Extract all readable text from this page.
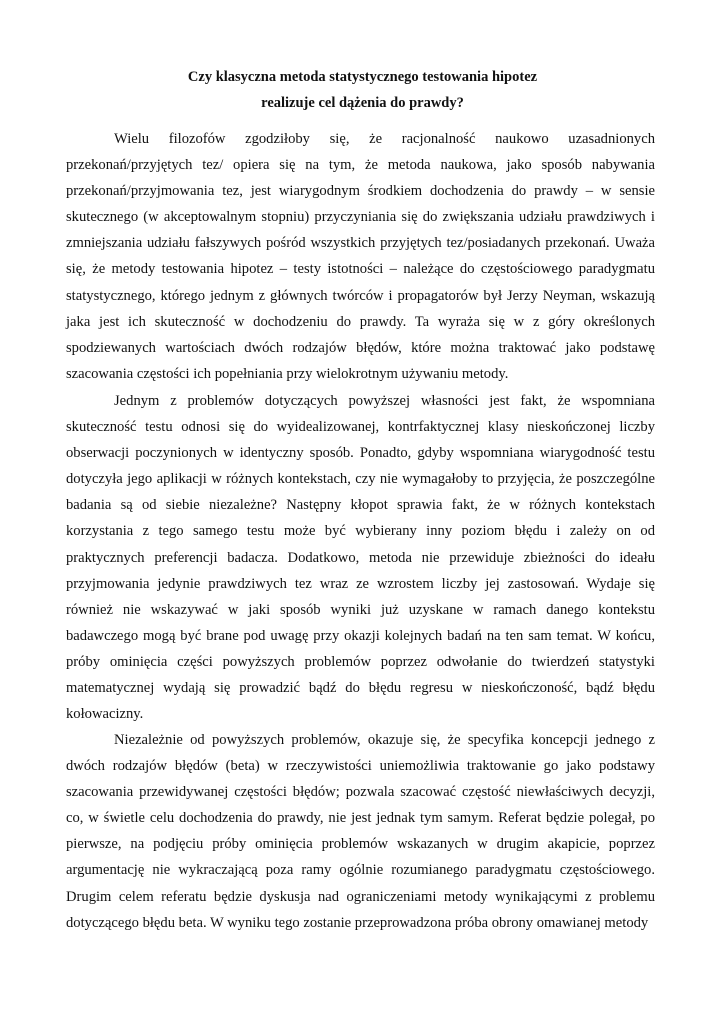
Czy klasyczna metoda statystycznego testowania hipotez
realizuje cel dążenia do prawdy?

Wielu filozofów zgodziłoby się, że racjonalność naukowo uzasadnionych przekonań/przyjętych tez/ opiera się na tym, że metoda naukowa, jako sposób nabywania przekonań/przyjmowania tez, jest wiarygodnym środkiem dochodzenia do prawdy – w sensie skutecznego (w akceptowalnym stopniu) przyczyniania się do zwiększania udziału prawdziwych i zmniejszania udziału fałszywych pośród wszystkich przyjętych tez/posiadanych przekonań. Uważa się, że metody testowania hipotez – testy istotności – należące do częstościowego paradygmatu statystycznego, którego jednym z głównych twórców i propagatorów był Jerzy Neyman, wskazują jaka jest ich skuteczność w dochodzeniu do prawdy. Ta wyraża się w z góry określonych spodziewanych wartościach dwóch rodzajów błędów, które można traktować jako podstawę szacowania częstości ich popełniania przy wielokrotnym używaniu metody.

Jednym z problemów dotyczących powyższej własności jest fakt, że wspomniana skuteczność testu odnosi się do wyidealizowanej, kontrfaktycznej klasy nieskończonej liczby obserwacji poczynionych w identyczny sposób. Ponadto, gdyby wspomniana wiarygodność testu dotyczyła jego aplikacji w różnych kontekstach, czy nie wymagałoby to przyjęcia, że poszczególne badania są od siebie niezależne? Następny kłopot sprawia fakt, że w różnych kontekstach korzystania z tego samego testu może być wybierany inny poziom błędu i zależy on od praktycznych preferencji badacza. Dodatkowo, metoda nie przewiduje zbieżności do ideału przyjmowania jedynie prawdziwych tez wraz ze wzrostem liczby jej zastosowań. Wydaje się również nie wskazywać w jaki sposób wyniki już uzyskane w ramach danego kontekstu badawczego mogą być brane pod uwagę przy okazji kolejnych badań na ten sam temat. W końcu, próby ominięcia części powyższych problemów poprzez odwołanie do twierdzeń statystyki matematycznej wydają się prowadzić bądź do błędu regresu w nieskończoność, bądź błędu kołowacizny.

Niezależnie od powyższych problemów, okazuje się, że specyfika koncepcji jednego z dwóch rodzajów błędów (beta) w rzeczywistości uniemożliwia traktowanie go jako podstawy szacowania przewidywanej częstości błędów; pozwala szacować częstość niewłaściwych decyzji, co, w świetle celu dochodzenia do prawdy, nie jest jednak tym samym. Referat będzie polegał, po pierwsze, na podjęciu próby ominięcia problemów wskazanych w drugim akapicie, poprzez argumentację nie wykraczającą poza ramy ogólnie rozumianego paradygmatu częstościowego. Drugim celem referatu będzie dyskusja nad ograniczeniami metody wynikającymi z problemu dotyczącego błędu beta. W wyniku tego zostanie przeprowadzona próba obrony omawianej metody
